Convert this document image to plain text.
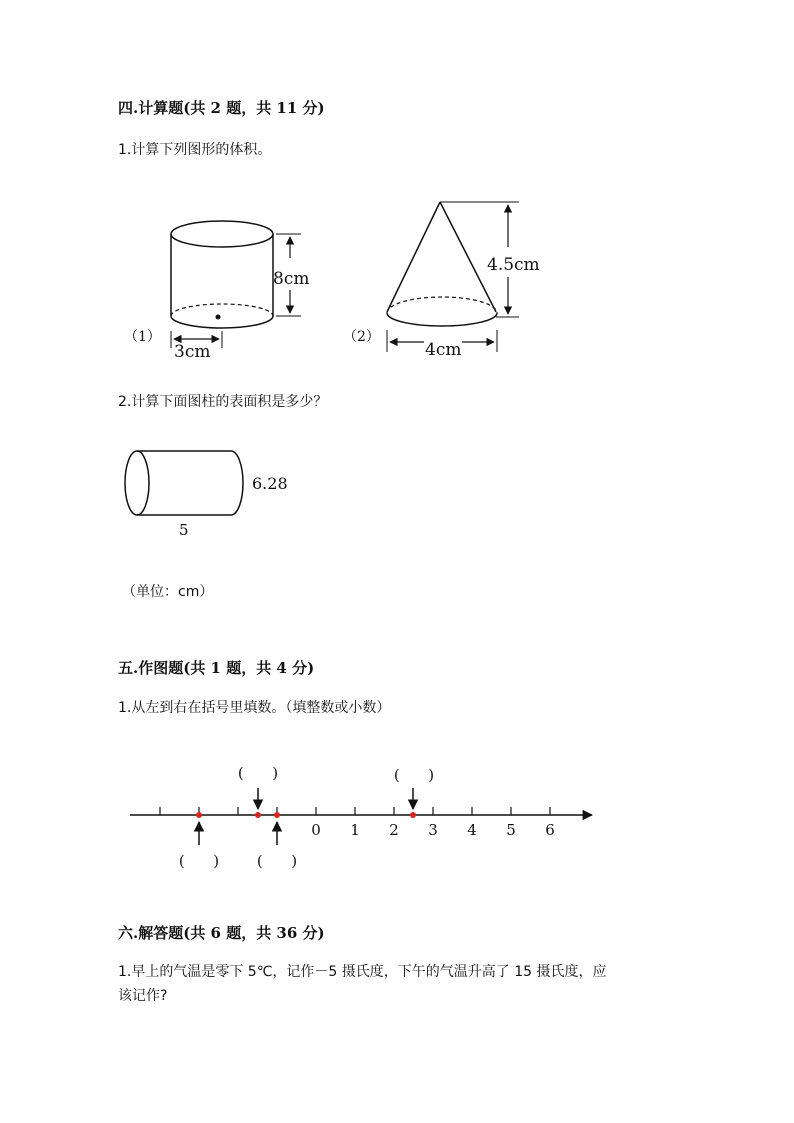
四.计算题(共 2 题，共 11 分)
1.计算下列图形的体积。
（1）
8cm
3cm
（2）
4.5cm
4cm
6.28
5
0 1 2 3 4 5 6
(      )	(      )
(      )	(      )
2.计算下面图柱的表面积是多少？
（单位：cm）
五.作图题(共 1 题，共 4 分)
1.从左到右在括号里填数。（填整数或小数）
六.解答题(共 6 题，共 36 分)
1.早上的气温是零下 5℃，记作－5 摄氏度，下午的气温升高了 15 摄氏度，应
该记作?
